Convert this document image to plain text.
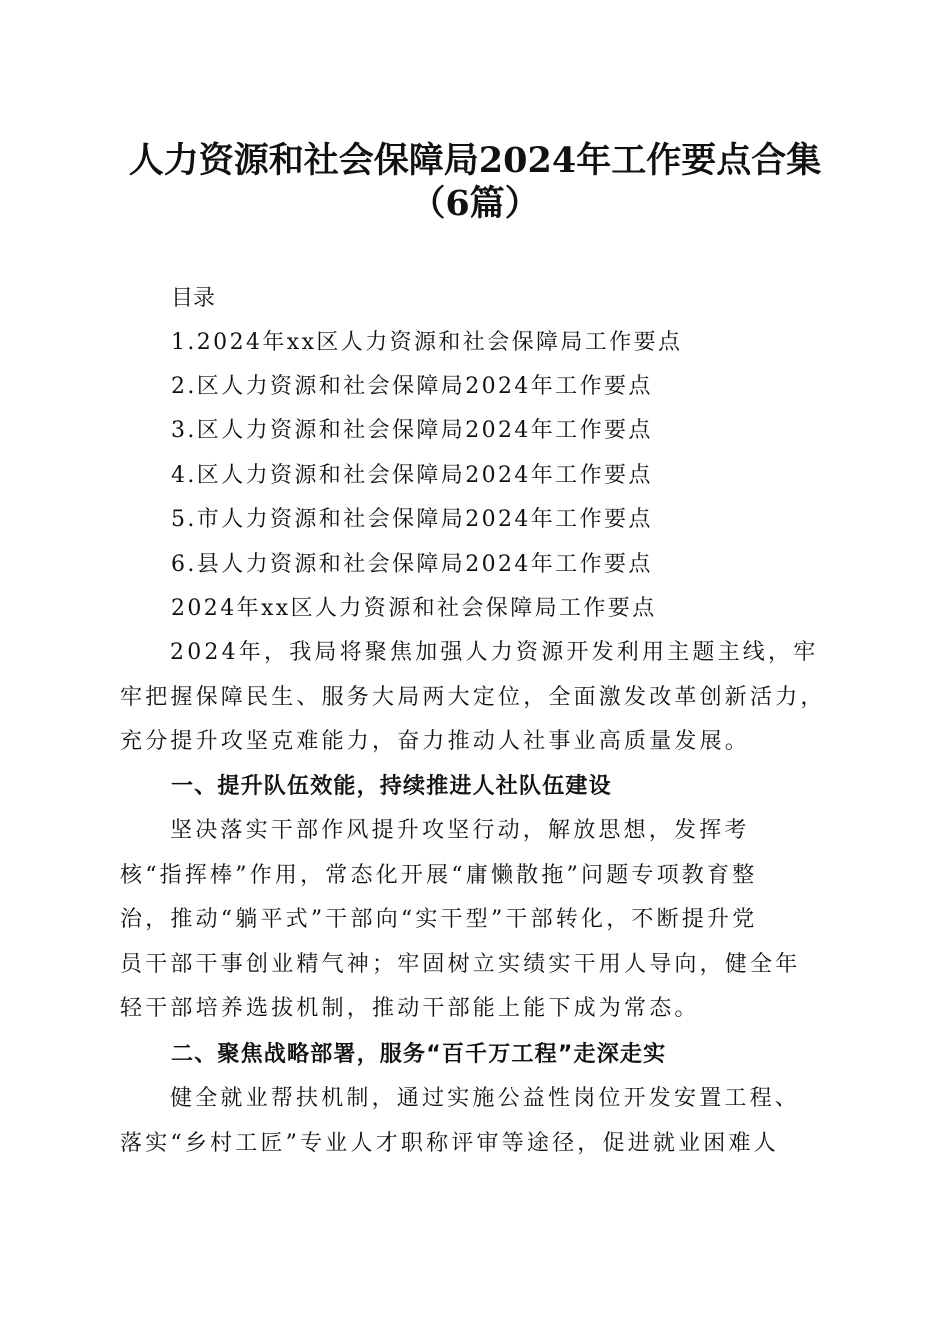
人力资源和社会保障局2024年工作要点合集
（6篇）
目录
1.2024年xx区人力资源和社会保障局工作要点
2.区人力资源和社会保障局2024年工作要点
3.区人力资源和社会保障局2024年工作要点
4.区人力资源和社会保障局2024年工作要点
5.市人力资源和社会保障局2024年工作要点
6.县人力资源和社会保障局2024年工作要点
2024年xx区人力资源和社会保障局工作要点
2024年，我局将聚焦加强人力资源开发利用主题主线，牢
牢把握保障民生、服务大局两大定位，全面激发改革创新活力，
充分提升攻坚克难能力，奋力推动人社事业高质量发展。
一、提升队伍效能，持续推进人社队伍建设
坚决落实干部作风提升攻坚行动，解放思想，发挥考
核“指挥棒”作用，常态化开展“庸懒散拖”问题专项教育整
治，推动“躺平式”干部向“实干型”干部转化，不断提升党
员干部干事创业精气神；牢固树立实绩实干用人导向，健全年
轻干部培养选拔机制，推动干部能上能下成为常态。
二、聚焦战略部署，服务“百千万工程”走深走实
健全就业帮扶机制，通过实施公益性岗位开发安置工程、
落实“乡村工匠”专业人才职称评审等途径，促进就业困难人
